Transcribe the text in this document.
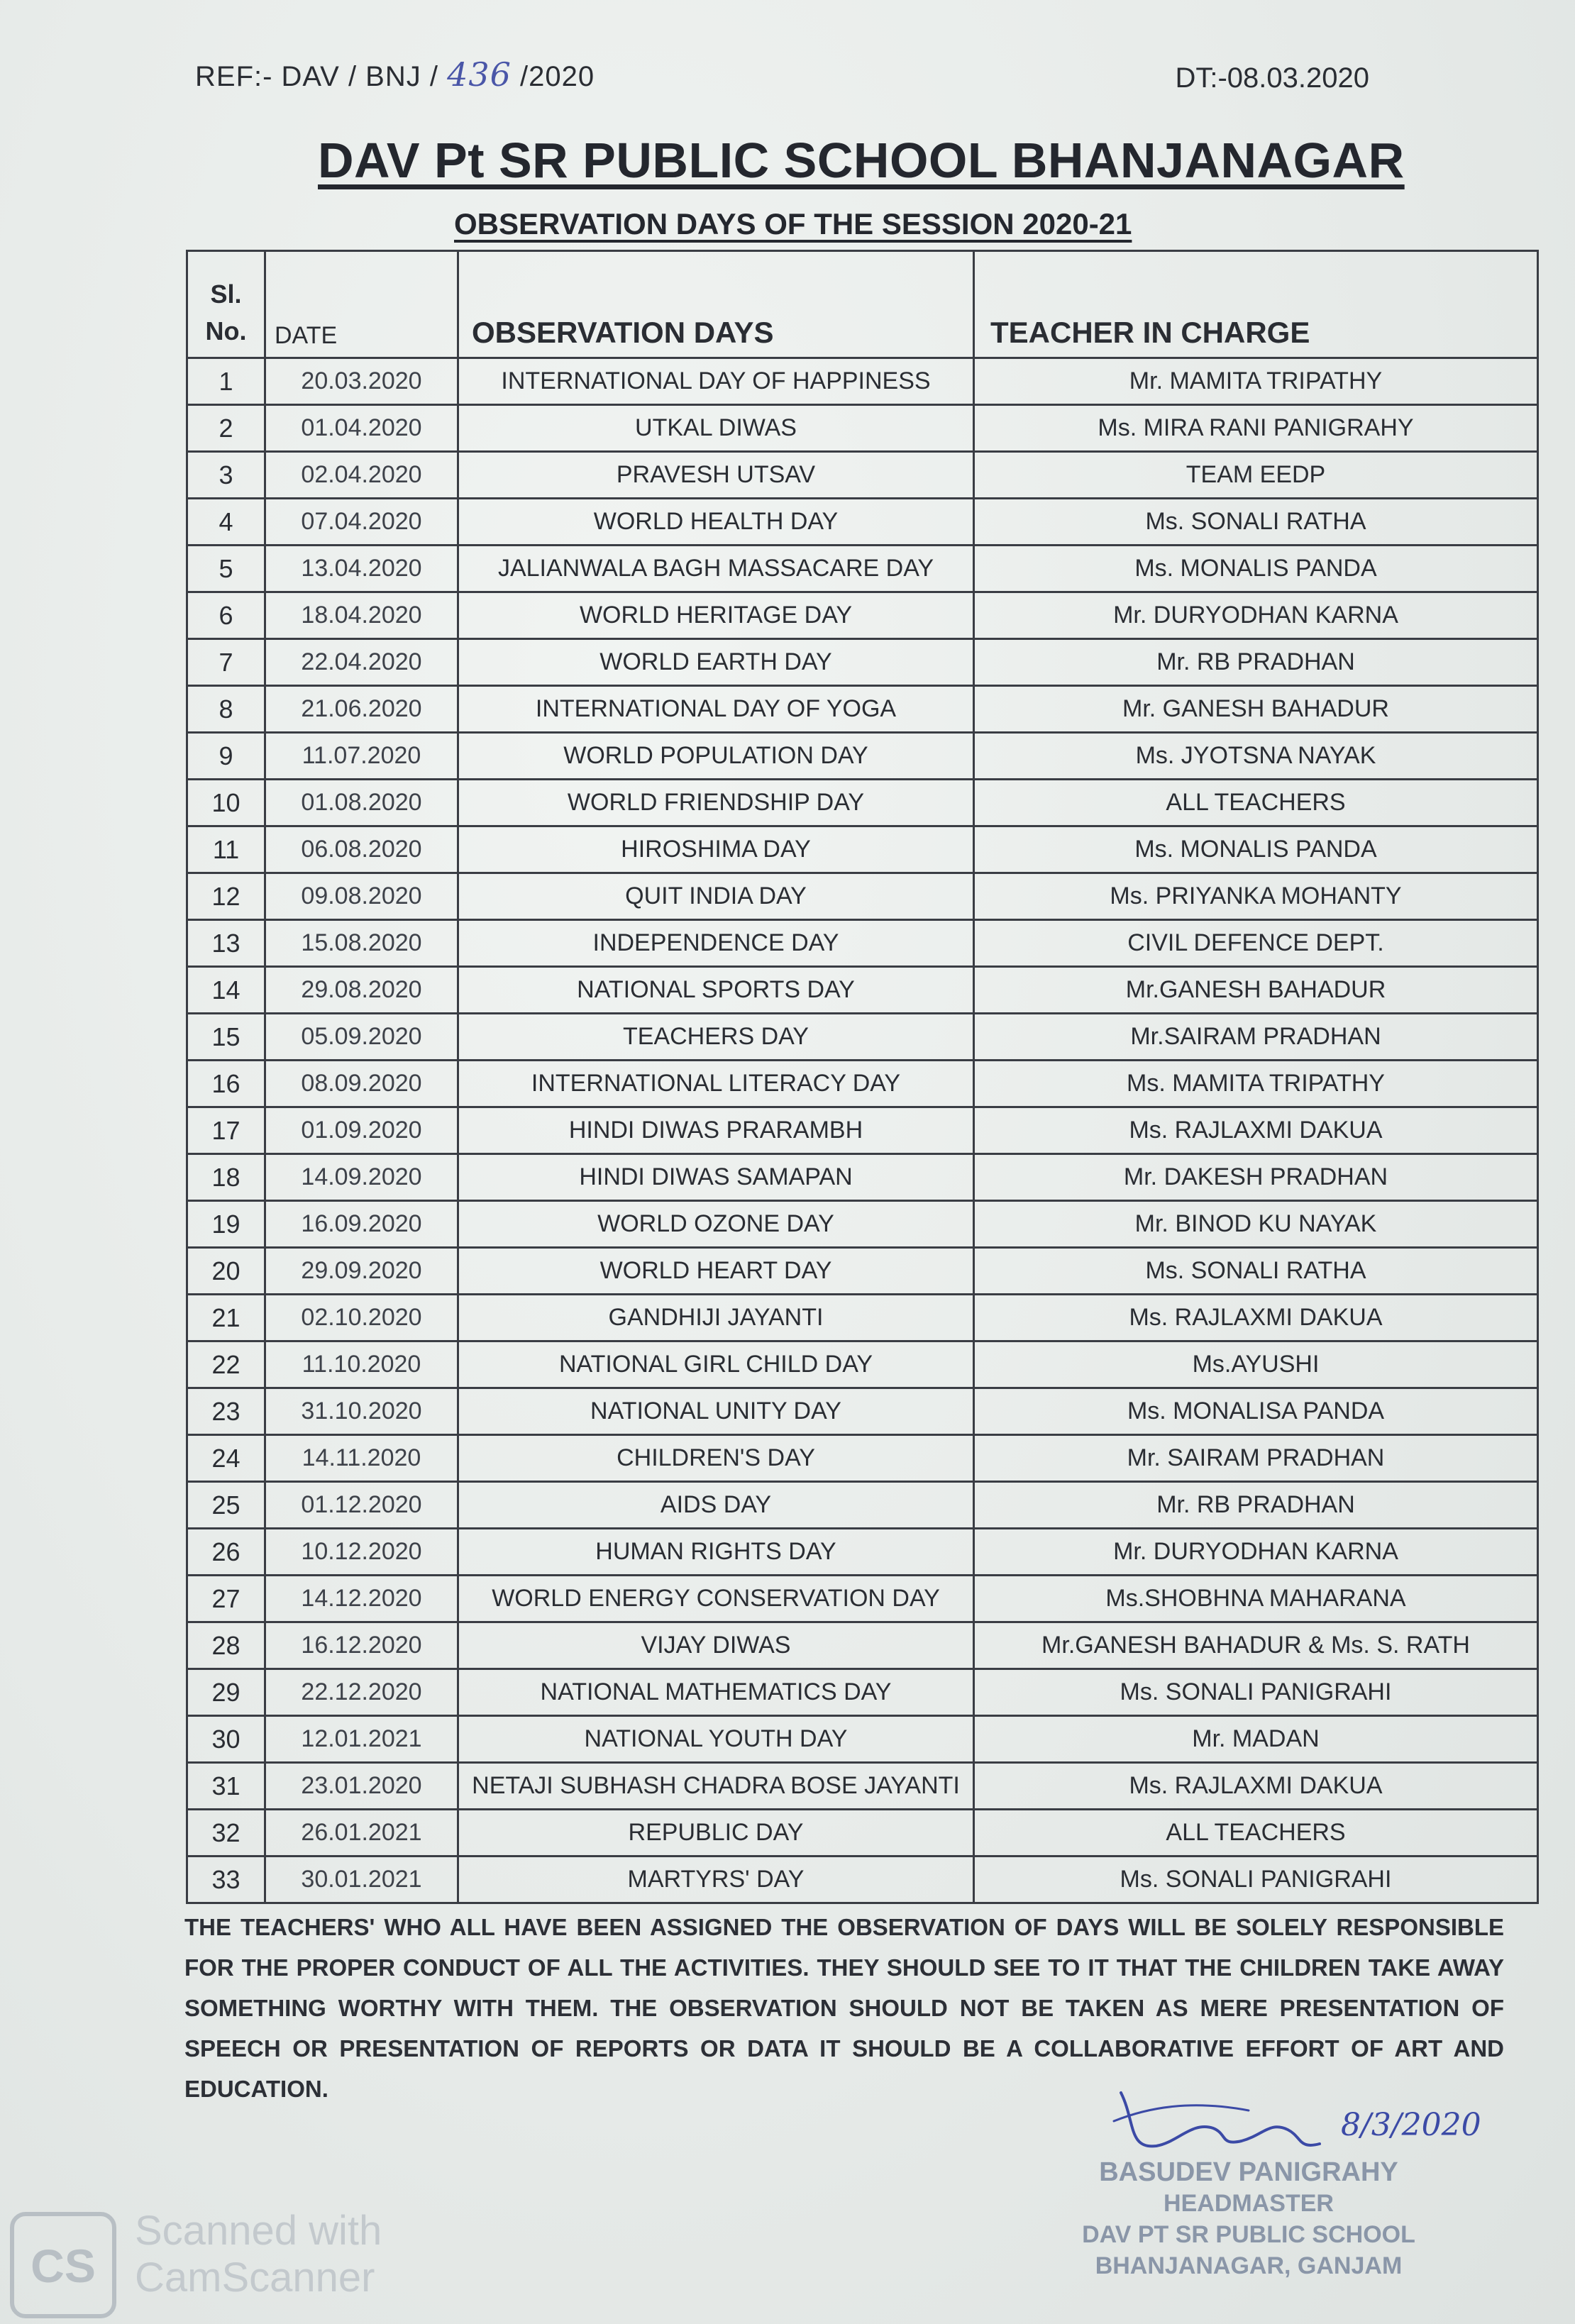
REF:- DAV / BNJ / 436 /2020	DT:-08.03.2020
DAV Pt SR PUBLIC SCHOOL BHANJANAGAR
OBSERVATION DAYS OF THE SESSION 2020-21
Sl.
No.	DATE	OBSERVATION DAYS	TEACHER IN CHARGE
1	20.03.2020	INTERNATIONAL DAY OF HAPPINESS	Mr. MAMITA TRIPATHY
2	01.04.2020	UTKAL DIWAS	Ms. MIRA RANI PANIGRAHY
3	02.04.2020	PRAVESH UTSAV	TEAM EEDP
4	07.04.2020	WORLD HEALTH DAY	Ms. SONALI RATHA
5	13.04.2020	JALIANWALA BAGH MASSACARE DAY	Ms. MONALIS PANDA
6	18.04.2020	WORLD HERITAGE DAY	Mr. DURYODHAN KARNA
7	22.04.2020	WORLD EARTH DAY	Mr. RB PRADHAN
8	21.06.2020	INTERNATIONAL DAY OF YOGA	Mr. GANESH BAHADUR
9	11.07.2020	WORLD POPULATION DAY	Ms. JYOTSNA NAYAK
10	01.08.2020	WORLD FRIENDSHIP DAY	ALL TEACHERS
11	06.08.2020	HIROSHIMA DAY	Ms. MONALIS PANDA
12	09.08.2020	QUIT INDIA DAY	Ms. PRIYANKA MOHANTY
13	15.08.2020	INDEPENDENCE DAY	CIVIL DEFENCE DEPT.
14	29.08.2020	NATIONAL SPORTS DAY	Mr.GANESH BAHADUR
15	05.09.2020	TEACHERS DAY	Mr.SAIRAM PRADHAN
16	08.09.2020	INTERNATIONAL LITERACY DAY	Ms. MAMITA TRIPATHY
17	01.09.2020	HINDI DIWAS PRARAMBH	Ms. RAJLAXMI DAKUA
18	14.09.2020	HINDI DIWAS SAMAPAN	Mr. DAKESH PRADHAN
19	16.09.2020	WORLD OZONE DAY	Mr. BINOD KU NAYAK
20	29.09.2020	WORLD HEART DAY	Ms. SONALI RATHA
21	02.10.2020	GANDHIJI JAYANTI	Ms. RAJLAXMI DAKUA
22	11.10.2020	NATIONAL GIRL CHILD DAY	Ms.AYUSHI
23	31.10.2020	NATIONAL UNITY DAY	Ms. MONALISA PANDA
24	14.11.2020	CHILDREN'S DAY	Mr. SAIRAM PRADHAN
25	01.12.2020	AIDS DAY	Mr. RB PRADHAN
26	10.12.2020	HUMAN RIGHTS DAY	Mr. DURYODHAN KARNA
27	14.12.2020	WORLD ENERGY CONSERVATION DAY	Ms.SHOBHNA MAHARANA
28	16.12.2020	VIJAY DIWAS	Mr.GANESH BAHADUR & Ms. S. RATH
29	22.12.2020	NATIONAL MATHEMATICS DAY	Ms. SONALI PANIGRAHI
30	12.01.2021	NATIONAL YOUTH DAY	Mr. MADAN
31	23.01.2020	NETAJI SUBHASH CHADRA BOSE JAYANTI	Ms. RAJLAXMI DAKUA
32	26.01.2021	REPUBLIC DAY	ALL TEACHERS
33	30.01.2021	MARTYRS' DAY	Ms. SONALI PANIGRAHI
THE TEACHERS' WHO ALL HAVE BEEN ASSIGNED THE OBSERVATION OF DAYS WILL BE SOLELY RESPONSIBLE FOR THE PROPER CONDUCT OF ALL THE ACTIVITIES. THEY SHOULD SEE TO IT THAT THE CHILDREN TAKE AWAY SOMETHING WORTHY WITH THEM. THE OBSERVATION SHOULD NOT BE TAKEN AS MERE PRESENTATION OF SPEECH OR PRESENTATION OF REPORTS OR DATA IT SHOULD BE A COLLABORATIVE EFFORT OF ART AND EDUCATION.
8/3/2020
BASUDEV PANIGRAHY
HEADMASTER
DAV PT SR PUBLIC SCHOOL
BHANJANAGAR, GANJAM
CS
Scanned with
CamScanner
